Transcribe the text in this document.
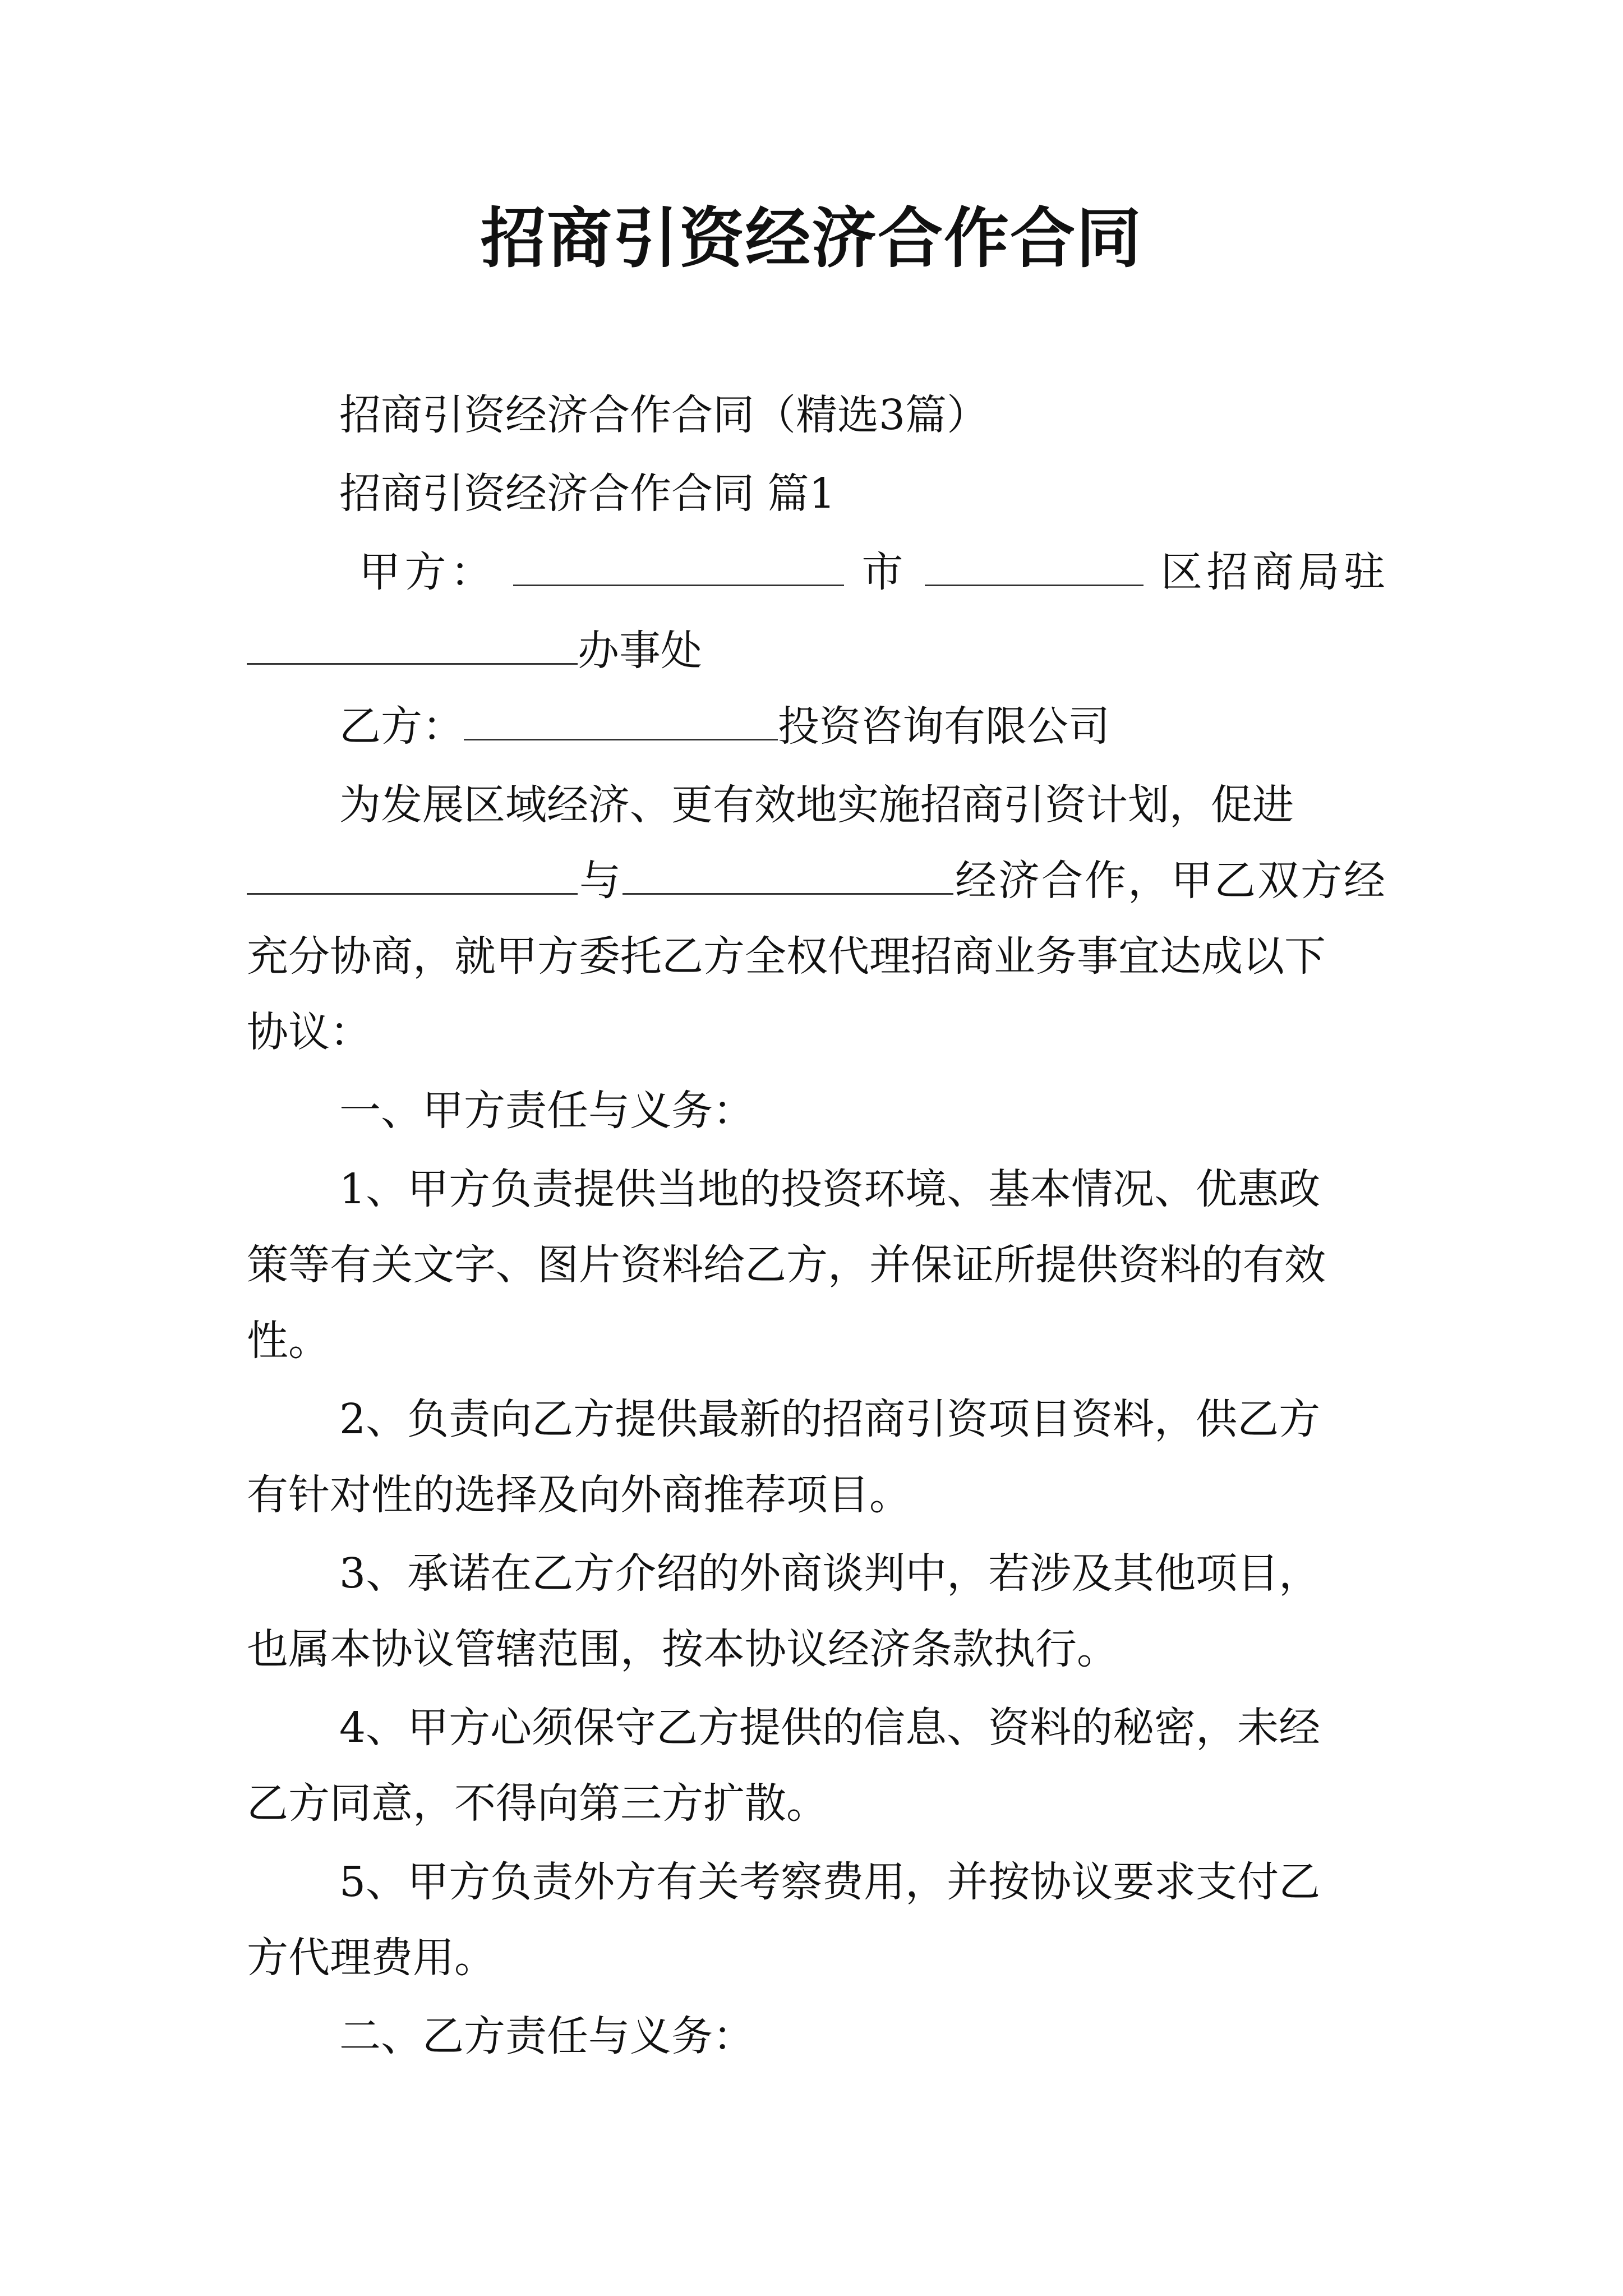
招商引资经济合作合同
招商引资经济合作合同（精选3篇）
招商引资经济合作合同 篇1
甲方：	市	区招商局驻
办事处
乙方：	投资咨询有限公司
为发展区域经济、更有效地实施招商引资计划，促进
与	经济合作，甲乙双方经
充分协商，就甲方委托乙方全权代理招商业务事宜达成以下
协议：
一、甲方责任与义务：
1、甲方负责提供当地的投资环境、基本情况、优惠政
策等有关文字、图片资料给乙方，并保证所提供资料的有效
性。
2、负责向乙方提供最新的招商引资项目资料，供乙方
有针对性的选择及向外商推荐项目。
3、承诺在乙方介绍的外商谈判中，若涉及其他项目，
也属本协议管辖范围，按本协议经济条款执行。
4、甲方心须保守乙方提供的信息、资料的秘密，未经
乙方同意，不得向第三方扩散。
5、甲方负责外方有关考察费用，并按协议要求支付乙
方代理费用。
二、乙方责任与义务：
